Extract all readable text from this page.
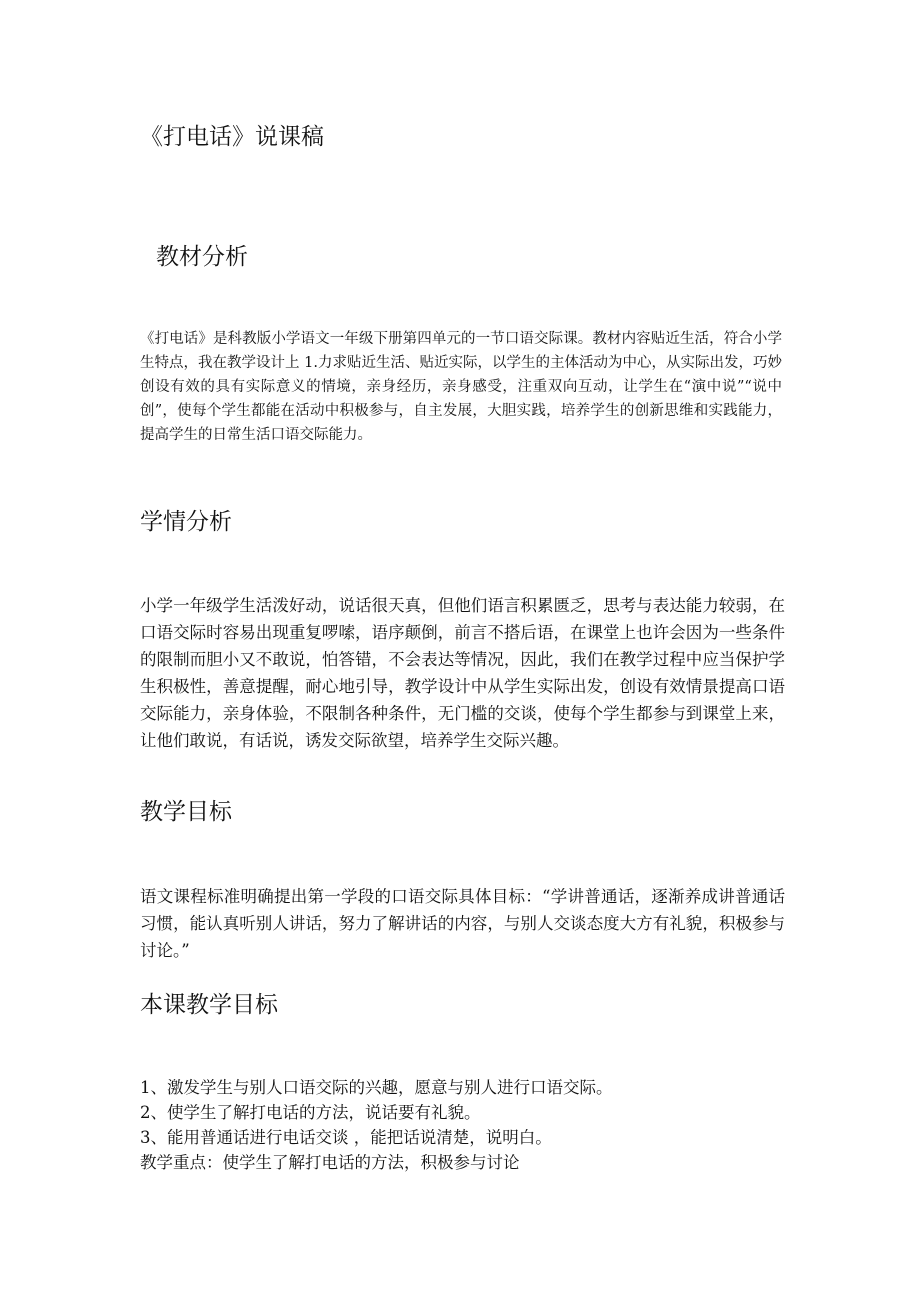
《打电话》说课稿
教材分析

《打电话》是科教版小学语文一年级下册第四单元的一节口语交际课。教材内容贴近生活，符合小学生特点，我在教学设计上 1.力求贴近生活、贴近实际，以学生的主体活动为中心，从实际出发，巧妙创设有效的具有实际意义的情境，亲身经历，亲身感受，注重双向互动，让学生在“演中说”“说中创”，使每个学生都能在活动中积极参与，自主发展，大胆实践，培养学生的创新思维和实践能力，提高学生的日常生活口语交际能力。

学情分析

小学一年级学生活泼好动，说话很天真，但他们语言积累匮乏，思考与表达能力较弱，在口语交际时容易出现重复啰嗦，语序颠倒，前言不搭后语，在课堂上也许会因为一些条件的限制而胆小又不敢说，怕答错，不会表达等情况，因此，我们在教学过程中应当保护学生积极性，善意提醒，耐心地引导，教学设计中从学生实际出发，创设有效情景提高口语交际能力，亲身体验，不限制各种条件，无门槛的交谈，使每个学生都参与到课堂上来，让他们敢说，有话说，诱发交际欲望，培养学生交际兴趣。

教学目标

语文课程标准明确提出第一学段的口语交际具体目标：“学讲普通话，逐渐养成讲普通话习惯，能认真听别人讲话，努力了解讲话的内容，与别人交谈态度大方有礼貌，积极参与讨论。”

本课教学目标
1、激发学生与别人口语交际的兴趣，愿意与别人进行口语交际。
2、使学生了解打电话的方法，说话要有礼貌。
3、能用普通话进行电话交谈 ，能把话说清楚，说明白。
教学重点：使学生了解打电话的方法，积极参与讨论
